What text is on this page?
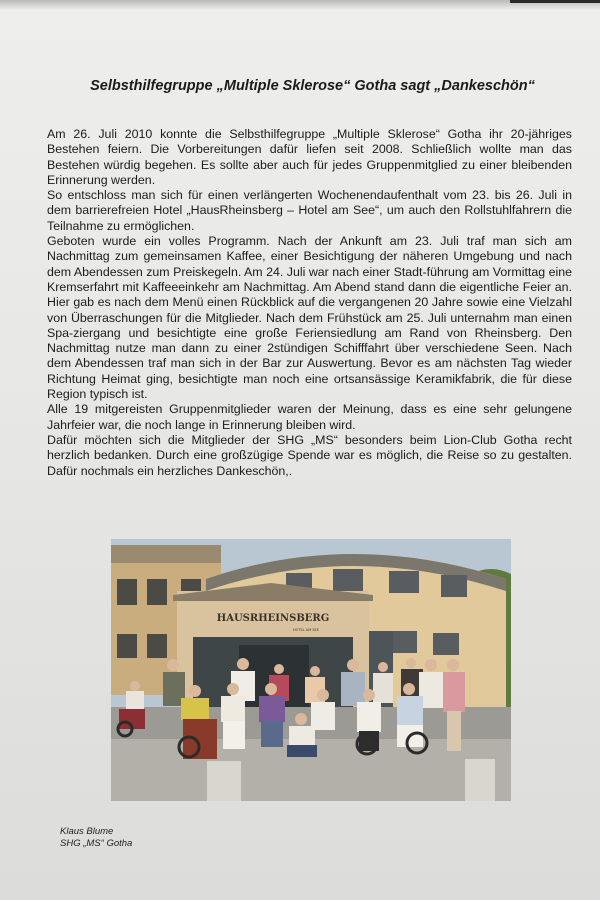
Selbsthilfegruppe „Multiple Sklerose“ Gotha sagt „Dankeschön“

Am 26. Juli 2010 konnte die Selbsthilfegruppe „Multiple Sklerose“ Gotha ihr 20-jähriges Bestehen feiern. Die Vorbereitungen dafür liefen seit 2008. Schließlich wollte man das Bestehen würdig begehen. Es sollte aber auch für jedes Gruppenmitglied zu einer bleibenden Erinnerung werden.

So entschloss man sich für einen verlängerten Wochenendaufenthalt vom 23. bis 26. Juli in dem barrierefreien Hotel „HausRheinsberg – Hotel am See“, um auch den Rollstuhlfahrern die Teilnahme zu ermöglichen.

Geboten wurde ein volles Programm. Nach der Ankunft am 23. Juli traf man sich am Nachmittag zum gemeinsamen Kaffee, einer Besichtigung der näheren Umgebung und nach dem Abendessen zum Preiskegeln. Am 24. Juli war nach einer Stadt-führung am Vormittag eine Kremserfahrt mit Kaffeeeinkehr am Nachmittag. Am Abend stand dann die eigentliche Feier an. Hier gab es nach dem Menü einen Rückblick auf die vergangenen 20 Jahre sowie eine Vielzahl von Überraschungen für die Mitglieder. Nach dem Frühstück am 25. Juli unternahm man einen Spa-ziergang und besichtigte eine große Feriensiedlung am Rand von Rheinsberg. Den Nachmittag nutze man dann zu einer 2stündigen Schifffahrt über verschiedene Seen. Nach dem Abendessen traf man sich in der Bar zur Auswertung. Bevor es am nächsten Tag wieder Richtung Heimat ging, besichtigte man noch eine ortsansässige Keramikfabrik, die für diese Region typisch ist.

Alle 19 mitgereisten Gruppenmitglieder waren der Meinung, dass es eine sehr gelungene Jahrfeier war, die noch lange in Erinnerung bleiben wird.

Dafür möchten sich die Mitglieder der SHG „MS“ besonders beim Lion-Club Gotha recht herzlich bedanken. Durch eine großzügige Spende war es möglich, die Reise so zu gestalten. Dafür nochmals ein herzliches Dankeschön,.

HAUSRHEINSBERG
HOTEL AM SEE
Klaus Blume
SHG „MS“ Gotha
